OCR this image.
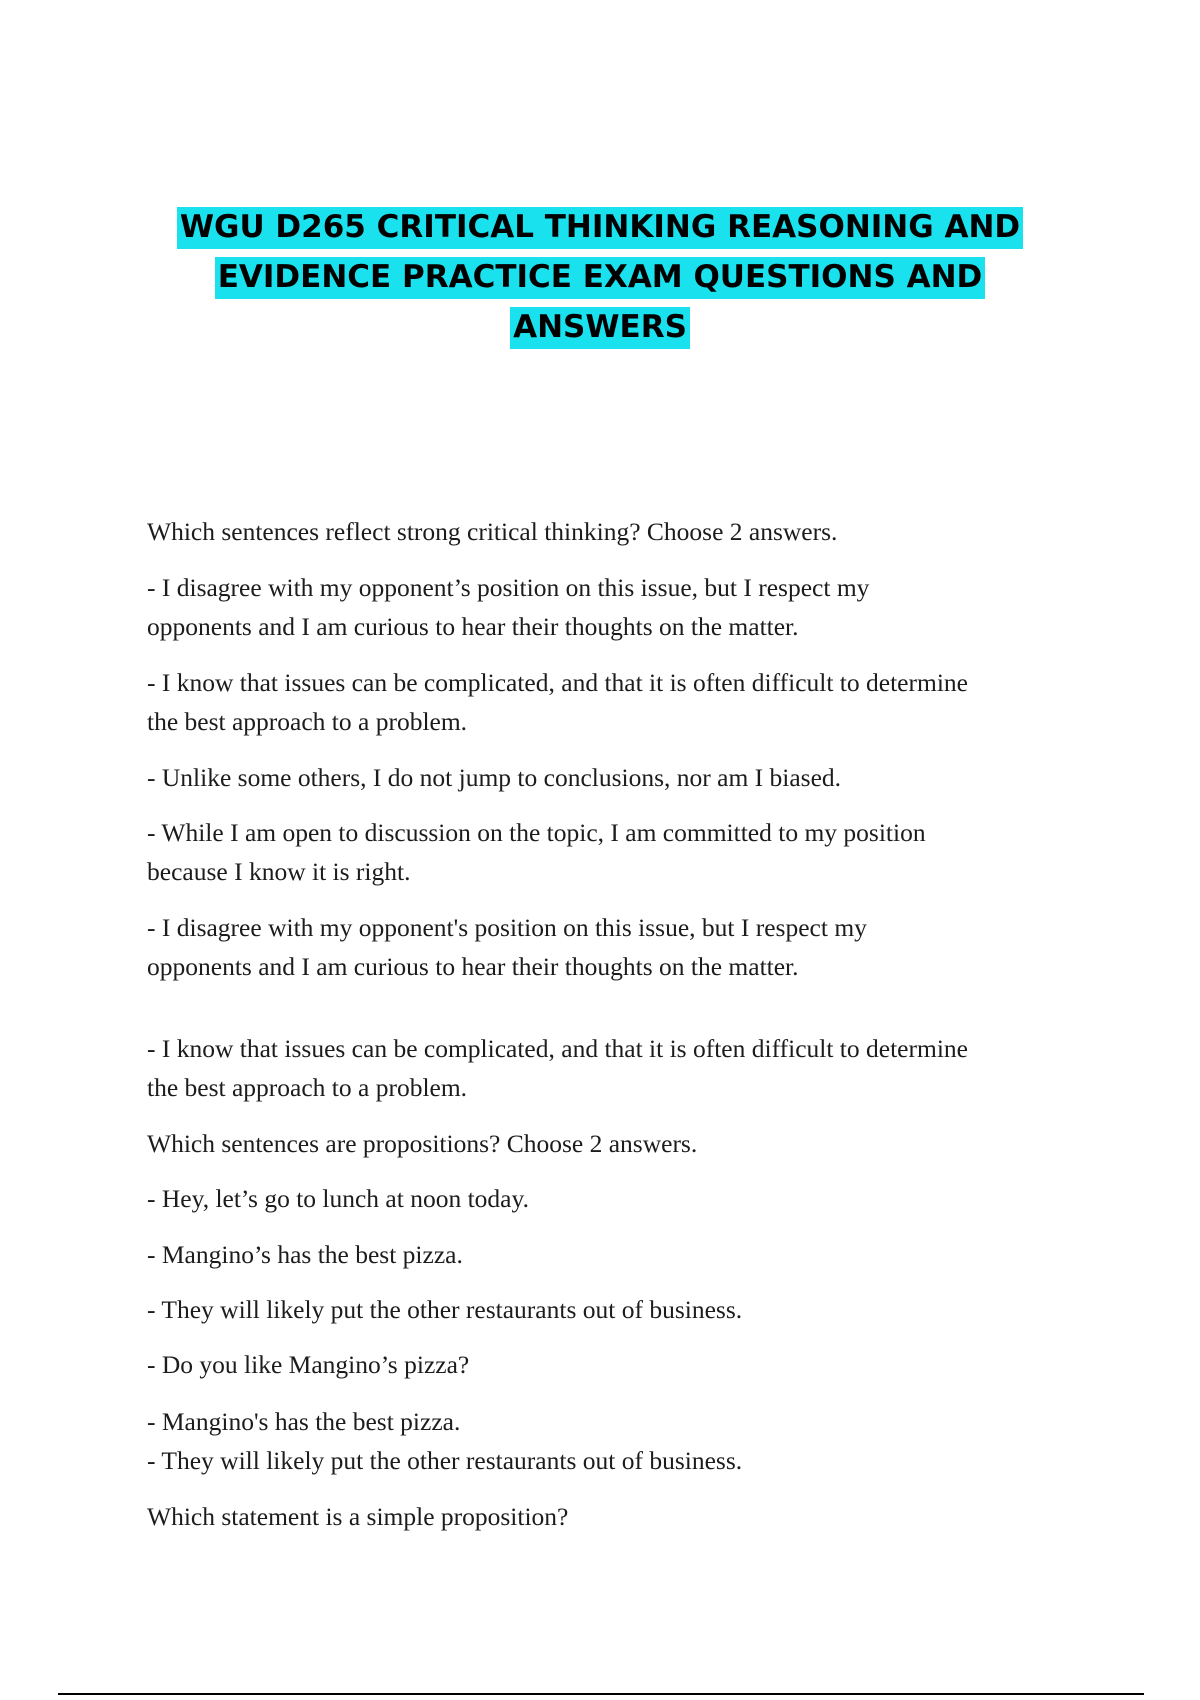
WGU D265 CRITICAL THINKING REASONING AND
EVIDENCE PRACTICE EXAM QUESTIONS AND
ANSWERS
Which sentences reflect strong critical thinking? Choose 2 answers.
- I disagree with my opponent’s position on this issue, but I respect my
opponents and I am curious to hear their thoughts on the matter.
- I know that issues can be complicated, and that it is often difficult to determine
the best approach to a problem.
- Unlike some others, I do not jump to conclusions, nor am I biased.
- While I am open to discussion on the topic, I am committed to my position
because I know it is right.
- I disagree with my opponent's position on this issue, but I respect my
opponents and I am curious to hear their thoughts on the matter.
- I know that issues can be complicated, and that it is often difficult to determine
the best approach to a problem.
Which sentences are propositions? Choose 2 answers.
- Hey, let’s go to lunch at noon today.
- Mangino’s has the best pizza.
- They will likely put the other restaurants out of business.
- Do you like Mangino’s pizza?
- Mangino's has the best pizza.
- They will likely put the other restaurants out of business.
Which statement is a simple proposition?
